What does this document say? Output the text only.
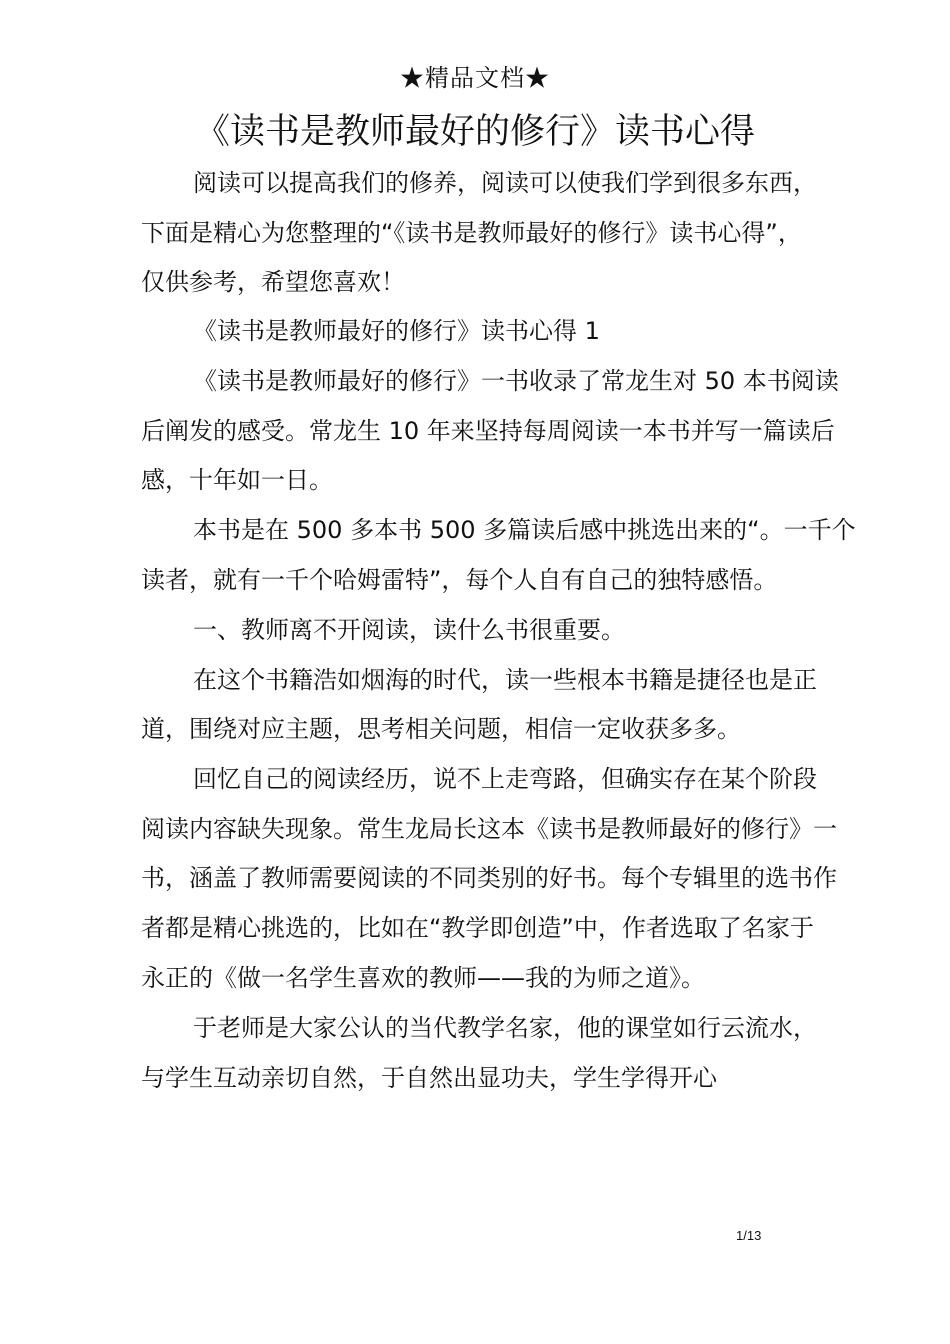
★精品文档★
《读书是教师最好的修行》读书心得
阅读可以提高我们的修养，阅读可以使我们学到很多东西，
下面是精心为您整理的“《读书是教师最好的修行》读书心得”，
仅供参考，希望您喜欢！
《读书是教师最好的修行》读书心得 1
《读书是教师最好的修行》一书收录了常龙生对 50 本书阅读
后阐发的感受。常龙生 10 年来坚持每周阅读一本书并写一篇读后
感，十年如一日。
本书是在 500 多本书 500 多篇读后感中挑选出来的“。一千个
读者，就有一千个哈姆雷特”，每个人自有自己的独特感悟。
一、教师离不开阅读，读什么书很重要。
在这个书籍浩如烟海的时代，读一些根本书籍是捷径也是正
道，围绕对应主题，思考相关问题，相信一定收获多多。
回忆自己的阅读经历，说不上走弯路，但确实存在某个阶段
阅读内容缺失现象。常生龙局长这本《读书是教师最好的修行》一
书，涵盖了教师需要阅读的不同类别的好书。每个专辑里的选书作
者都是精心挑选的，比如在“教学即创造”中，作者选取了名家于
永正的《做一名学生喜欢的教师——我的为师之道》。
于老师是大家公认的当代教学名家，他的课堂如行云流水，
与学生互动亲切自然，于自然出显功夫，学生学得开心
1/13
